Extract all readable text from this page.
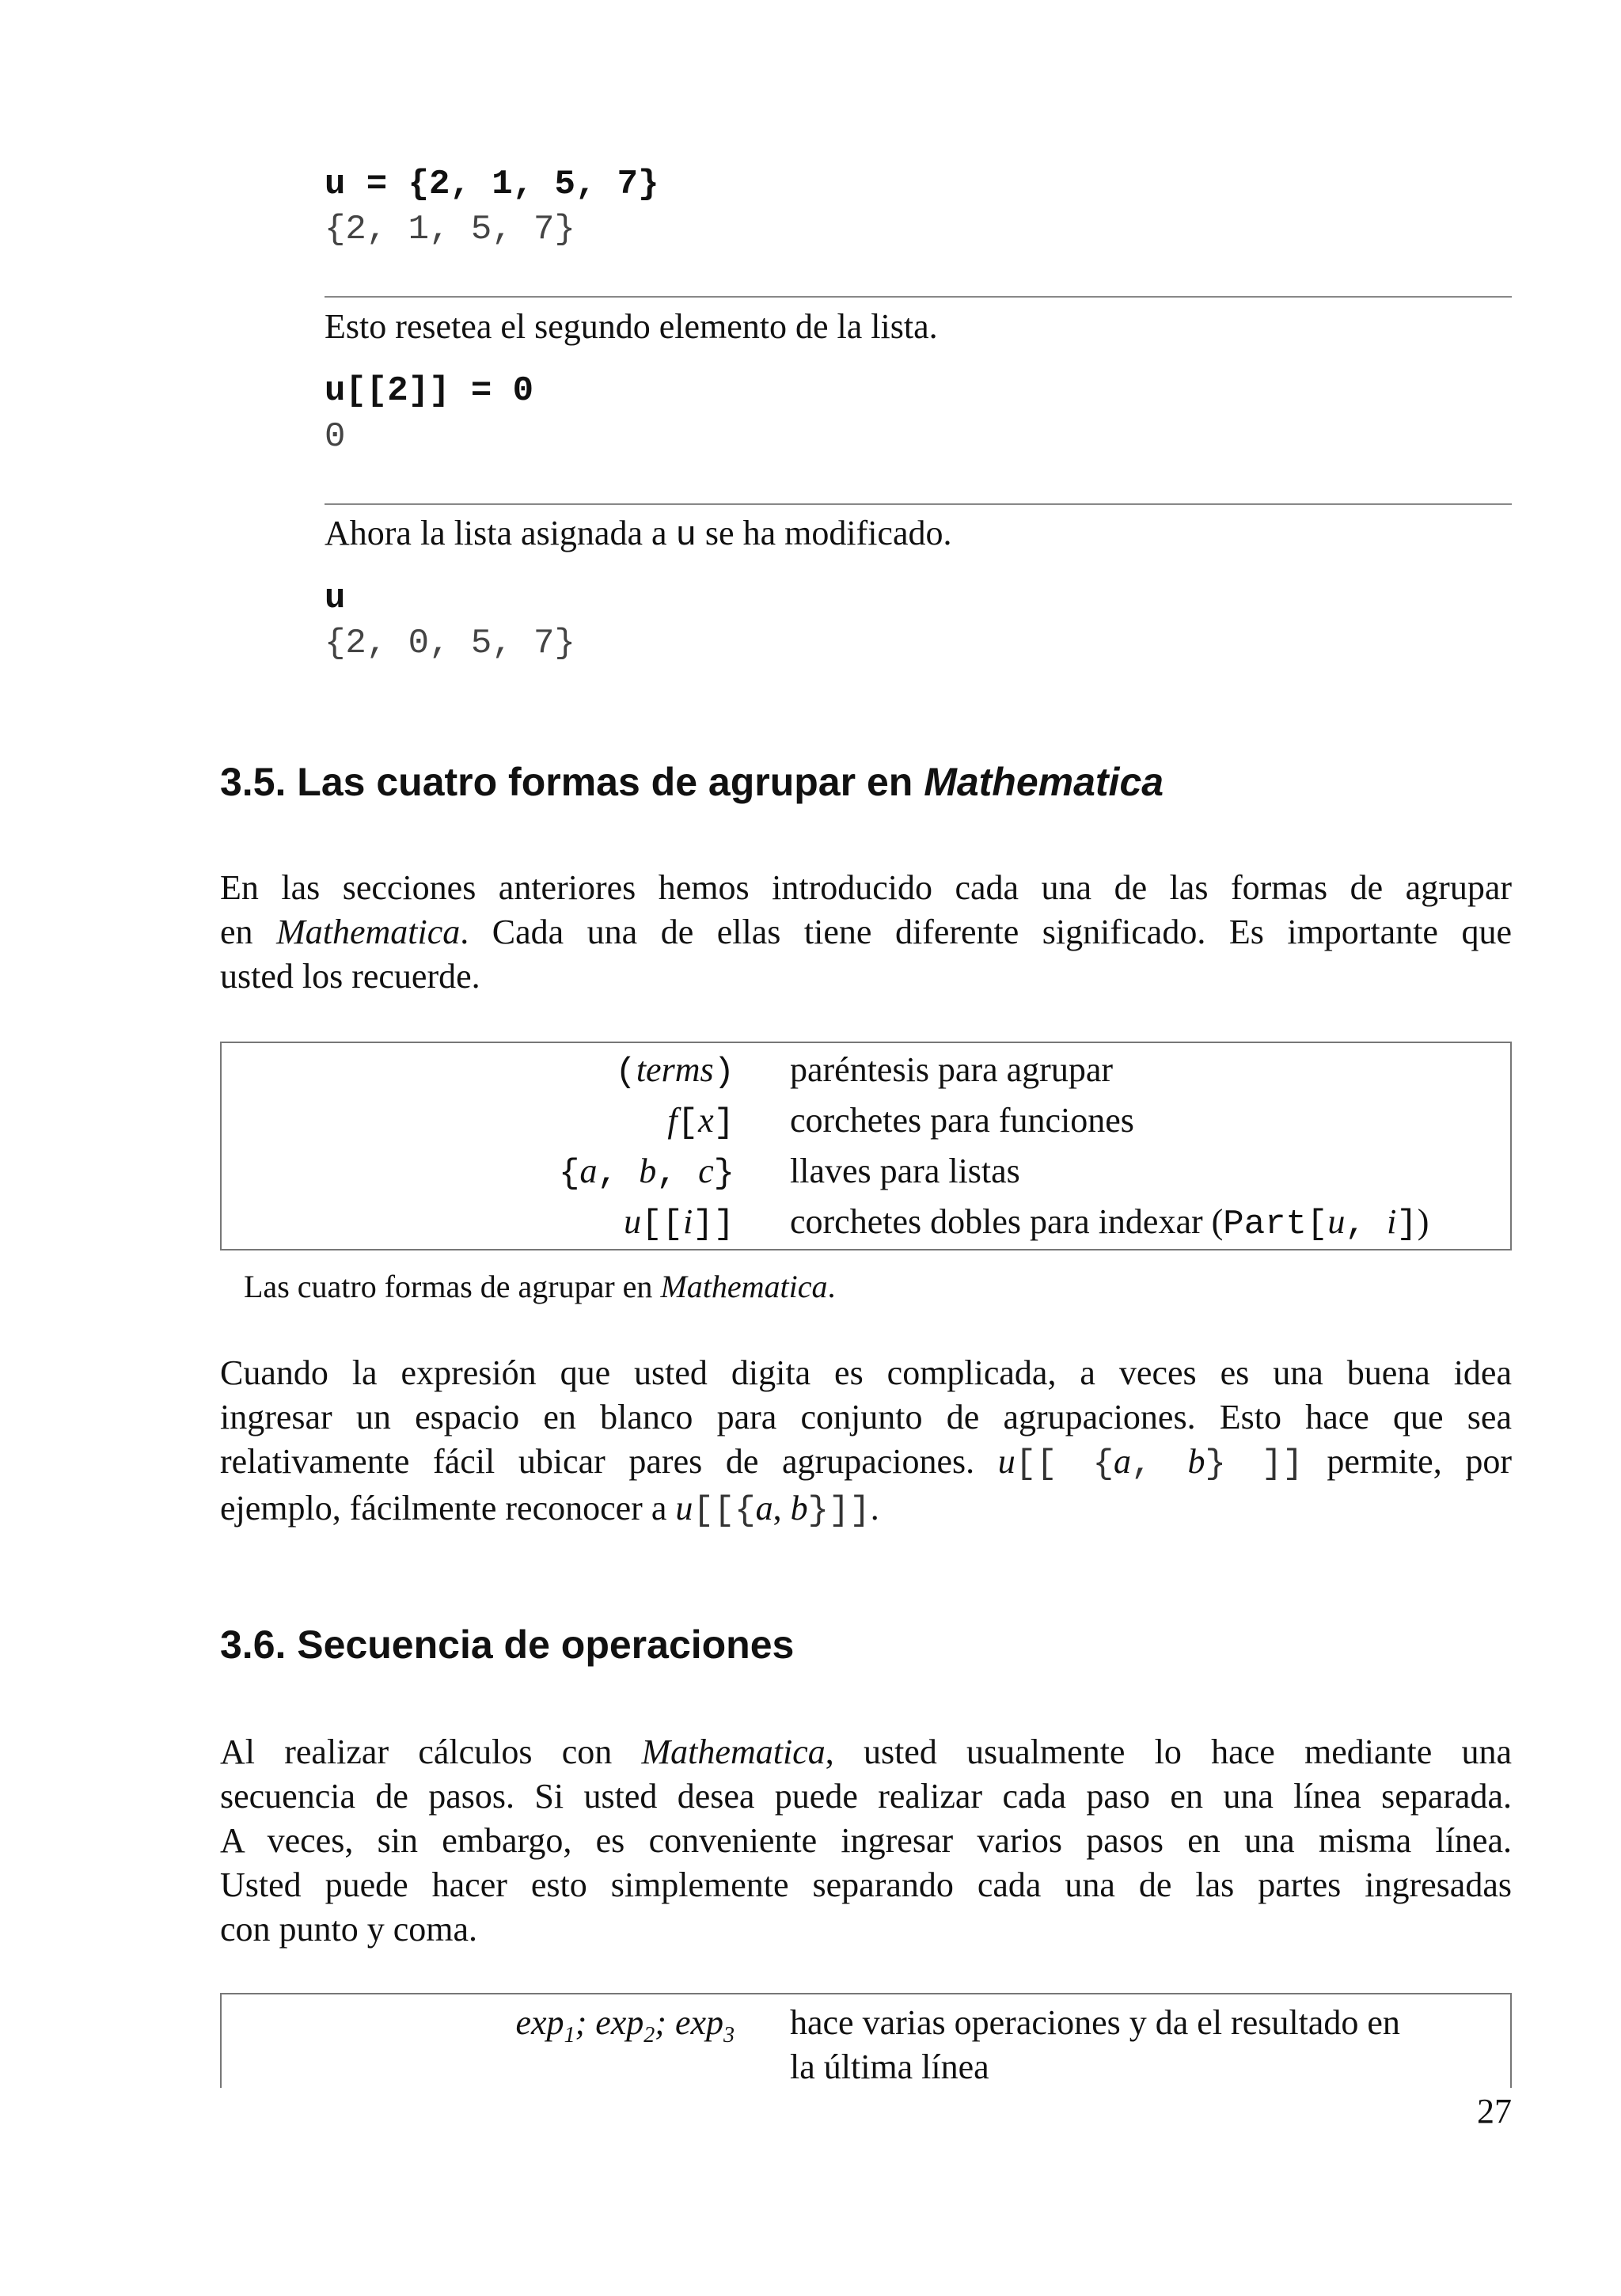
u = {2, 1, 5, 7}
{2, 1, 5, 7}
Esto resetea el segundo elemento de la lista.
u[[2]] = 0
0
Ahora la lista asignada a u se ha modificado.
u
{2, 0, 5, 7}
3.5. Las cuatro formas de agrupar en Mathematica
En las secciones anteriores hemos introducido cada una de las formas de agrupar
en Mathematica. Cada una de ellas tiene diferente significado. Es importante que
usted los recuerde.
(terms) paréntesis para agrupar
f[x] corchetes para funciones
{a, b, c} llaves para listas
u[[i]] corchetes dobles para indexar (Part[u, i])
Las cuatro formas de agrupar en Mathematica.
Cuando la expresión que usted digita es complicada, a veces es una buena idea
ingresar un espacio en blanco para conjunto de agrupaciones. Esto hace que sea
relativamente fácil ubicar pares de agrupaciones. u[[ {a, b} ]] permite, por
ejemplo, fácilmente reconocer a u[[{a, b}]].
3.6. Secuencia de operaciones
Al realizar cálculos con Mathematica, usted usualmente lo hace mediante una
secuencia de pasos. Si usted desea puede realizar cada paso en una línea separada.
A veces, sin embargo, es conveniente ingresar varios pasos en una misma línea.
Usted puede hacer esto simplemente separando cada una de las partes ingresadas
con punto y coma.
$\exp_1$; $\exp_2$; $\exp_3$ hace varias operaciones y da el resultado en
la última línea
27
